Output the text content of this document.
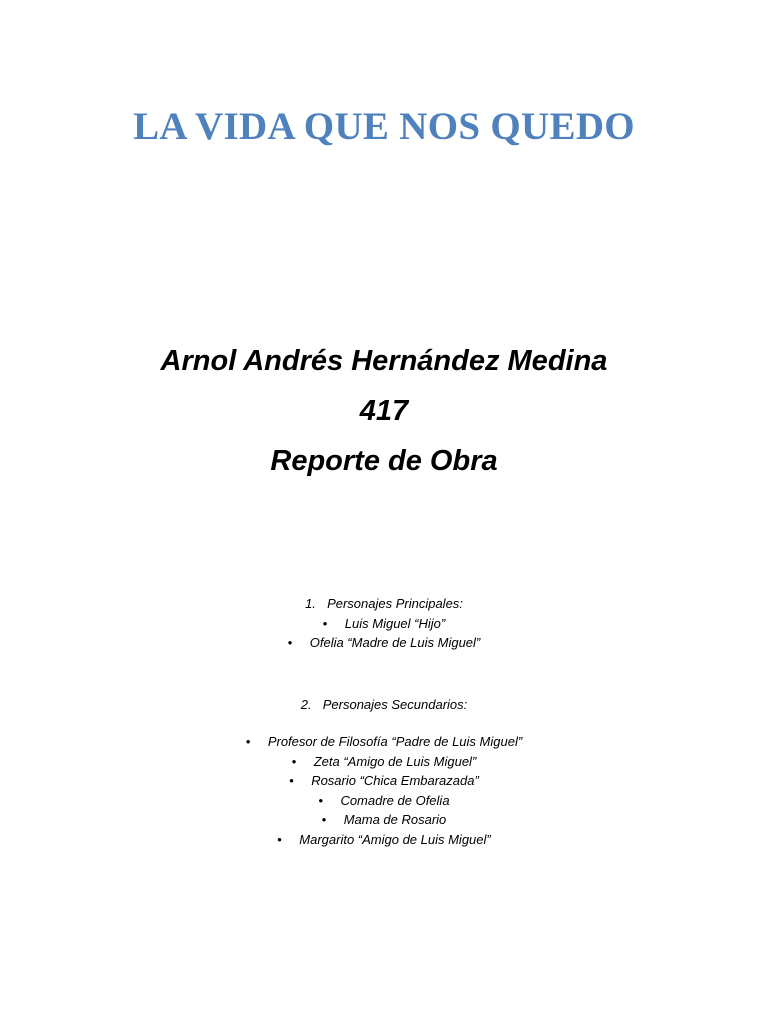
LA VIDA QUE NOS QUEDO
Arnol Andrés Hernández Medina
417
Reporte de Obra
1. Personajes Principales:
• Luis Miguel “Hijo”
• Ofelia “Madre de Luis Miguel”
2. Personajes Secundarios:
• Profesor de Filosofía “Padre de Luis Miguel”
• Zeta “Amigo de Luis Miguel”
• Rosario “Chica Embarazada”
• Comadre de Ofelia
• Mama de Rosario
• Margarito “Amigo de Luis Miguel”
